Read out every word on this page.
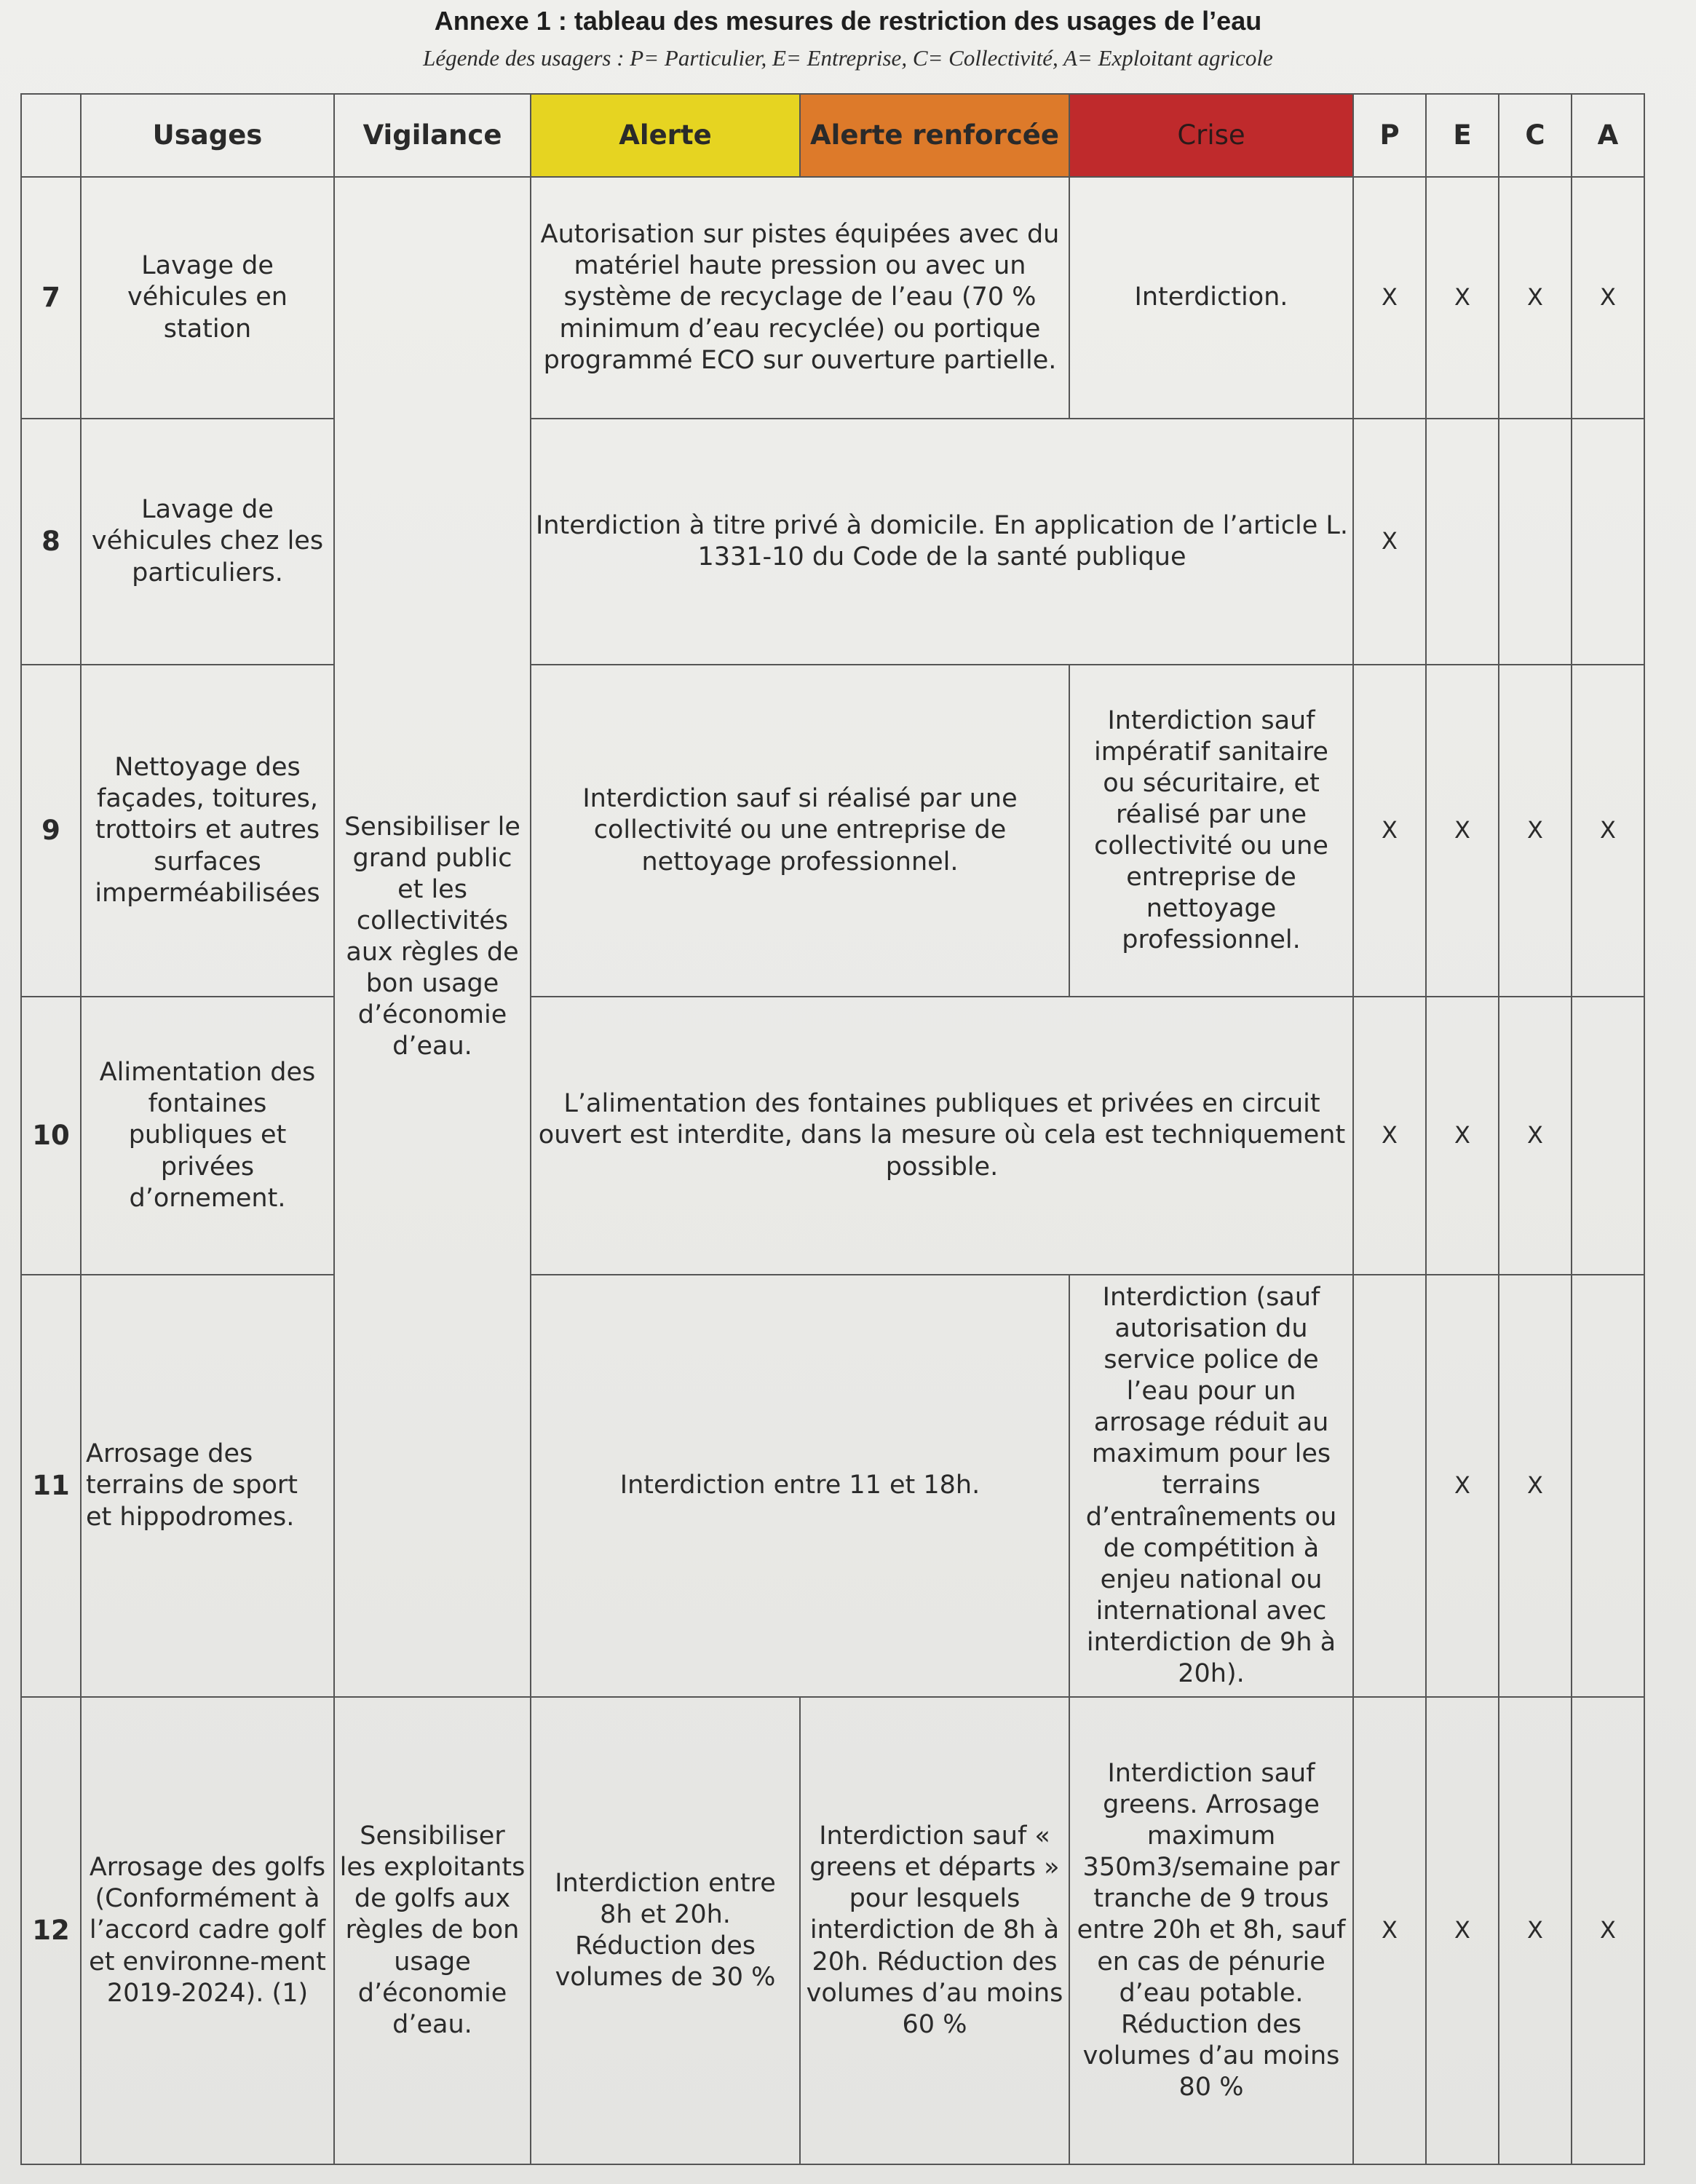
Annexe 1 : tableau des mesures de restriction des usages de l’eau
Légende des usagers : P= Particulier, E= Entreprise, C= Collectivité, A= Exploitant agricole
	Usages	Vigilance	Alerte	Alerte renforcée	Crise	P	E	C	A
7	Lavage de véhicules en station	Sensibiliser le grand public et les collectivités aux règles de bon usage d’économie d’eau.	Autorisation sur pistes équipées avec du matériel haute pression ou avec un système de recyclage de l’eau (70 % minimum d’eau recyclée) ou portique programmé ECO sur ouverture partielle.		Interdiction.	X	X	X	X
8	Lavage de véhicules chez les particuliers.		Interdiction à titre privé à domicile. En application de l’article L. 1331-10 du Code de la santé publique			X			
9	Nettoyage des façades, toitures, trottoirs et autres surfaces imperméabilisées		Interdiction sauf si réalisé par une collectivité ou une entreprise de nettoyage professionnel.		Interdiction sauf impératif sanitaire ou sécuritaire, et réalisé par une collectivité ou une entreprise de nettoyage professionnel.	X	X	X	X
10	Alimentation des fontaines publiques et privées d’ornement.		L’alimentation des fontaines publiques et privées en circuit ouvert est interdite, dans la mesure où cela est techniquement possible.			X	X	X	
11	Arrosage des terrains de sport et hippodromes.		Interdiction entre 11 et 18h.		Interdiction (sauf autorisation du service police de l’eau pour un arrosage réduit au maximum pour les terrains d’entraînements ou de compétition à enjeu national ou international avec interdiction de 9h à 20h).		X	X	
12	Arrosage des golfs (Conformément à l’accord cadre golf et environne-ment 2019-2024). (1)	Sensibiliser les exploitants de golfs aux règles de bon usage d’économie d’eau.	Interdiction entre 8h et 20h. Réduction des volumes de 30 %	Interdiction sauf « greens et départs » pour lesquels interdiction de 8h à 20h. Réduction des volumes d’au moins 60 %	Interdiction sauf greens. Arrosage maximum 350m3/semaine par tranche de 9 trous entre 20h et 8h, sauf en cas de pénurie d’eau potable. Réduction des volumes d’au moins 80 %	X	X	X	X
